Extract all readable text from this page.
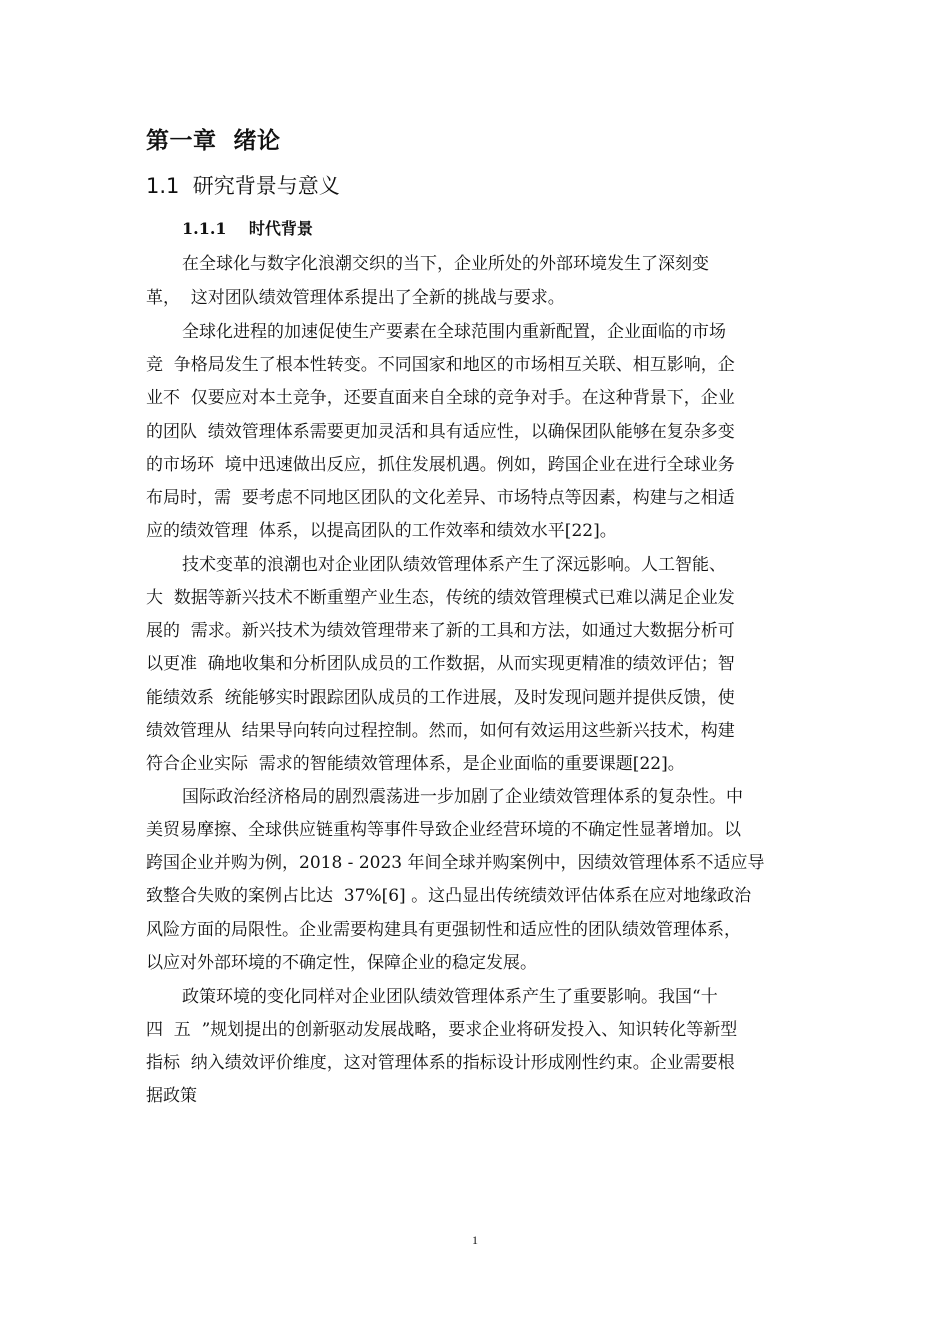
第一章  绪论
1.1  研究背景与意义
1.1.1    时代背景
在全球化与数字化浪潮交织的当下，企业所处的外部环境发生了深刻变
革，  这对团队绩效管理体系提出了全新的挑战与要求。
全球化进程的加速促使生产要素在全球范围内重新配置，企业面临的市场
竞  争格局发生了根本性转变。不同国家和地区的市场相互关联、相互影响，企
业不  仅要应对本土竞争，还要直面来自全球的竞争对手。在这种背景下，企业
的团队  绩效管理体系需要更加灵活和具有适应性，以确保团队能够在复杂多变
的市场环  境中迅速做出反应，抓住发展机遇。例如，跨国企业在进行全球业务
布局时，需  要考虑不同地区团队的文化差异、市场特点等因素，构建与之相适
应的绩效管理  体系，以提高团队的工作效率和绩效水平[22]。
技术变革的浪潮也对企业团队绩效管理体系产生了深远影响。人工智能、
大  数据等新兴技术不断重塑产业生态，传统的绩效管理模式已难以满足企业发
展的  需求。新兴技术为绩效管理带来了新的工具和方法，如通过大数据分析可
以更准  确地收集和分析团队成员的工作数据，从而实现更精准的绩效评估；智
能绩效系  统能够实时跟踪团队成员的工作进展，及时发现问题并提供反馈，使
绩效管理从  结果导向转向过程控制。然而，如何有效运用这些新兴技术，构建
符合企业实际  需求的智能绩效管理体系，是企业面临的重要课题[22]。
国际政治经济格局的剧烈震荡进一步加剧了企业绩效管理体系的复杂性。中
美贸易摩擦、全球供应链重构等事件导致企业经营环境的不确定性显著增加。以
跨国企业并购为例，2018 - 2023 年间全球并购案例中，因绩效管理体系不适应导
致整合失败的案例占比达  37%[6] 。这凸显出传统绩效评估体系在应对地缘政治
风险方面的局限性。企业需要构建具有更强韧性和适应性的团队绩效管理体系，
以应对外部环境的不确定性，保障企业的稳定发展。
政策环境的变化同样对企业团队绩效管理体系产生了重要影响。我国“十
四  五  ”规划提出的创新驱动发展战略，要求企业将研发投入、知识转化等新型
指标  纳入绩效评价维度，这对管理体系的指标设计形成刚性约束。企业需要根
据政策
1
